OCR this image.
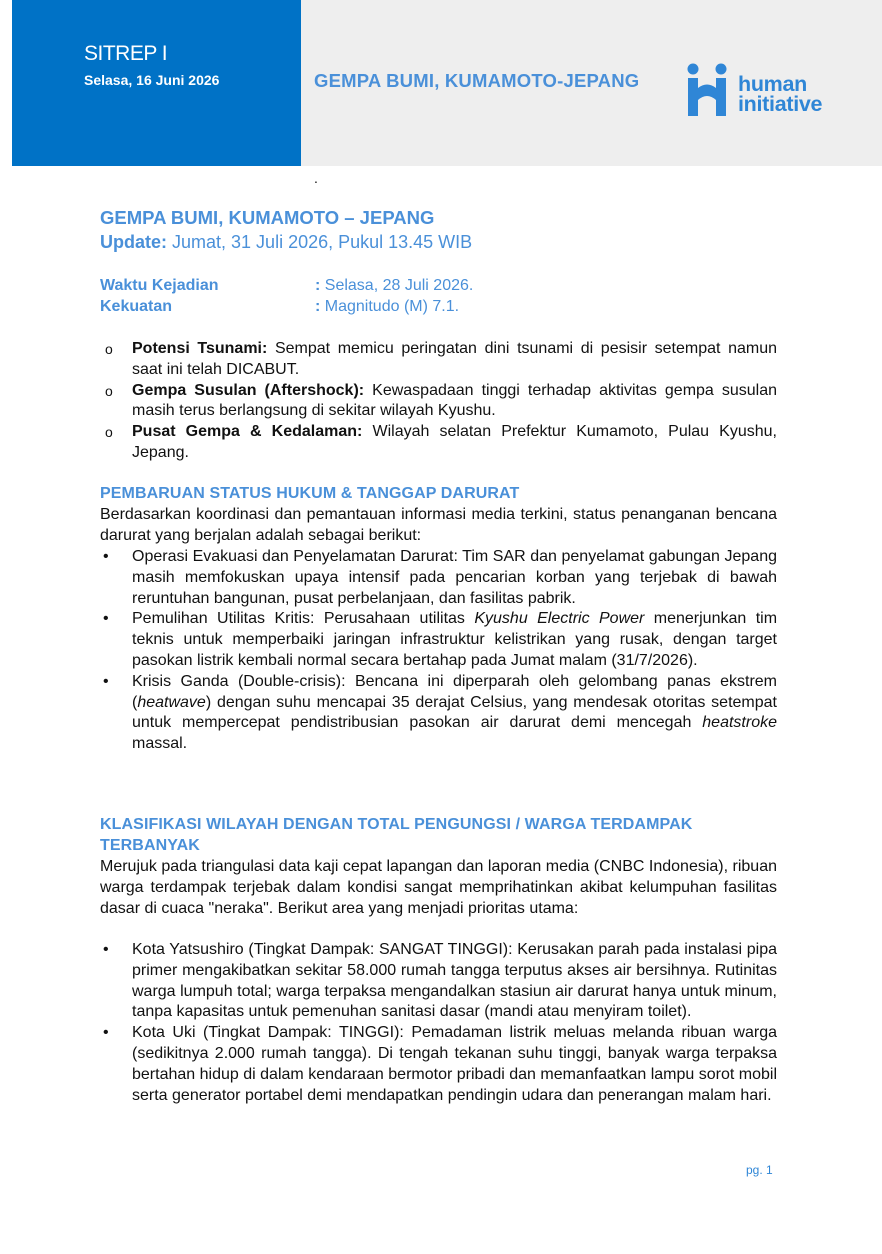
SITREP I
Selasa, 16 Juni 2026	GEMPA BUMI, KUMAMOTO-JEPANG	human
initiative
.
GEMPA BUMI, KUMAMOTO – JEPANG
Update: Jumat, 31 Juli 2026, Pukul 13.45 WIB
Waktu Kejadian	: Selasa, 28 Juli 2026.
Kekuatan	: Magnitudo (M) 7.1.
o Potensi Tsunami: Sempat memicu peringatan dini tsunami di pesisir setempat namun saat ini telah DICABUT.
o Gempa Susulan (Aftershock): Kewaspadaan tinggi terhadap aktivitas gempa susulan masih terus berlangsung di sekitar wilayah Kyushu.
o Pusat Gempa & Kedalaman: Wilayah selatan Prefektur Kumamoto, Pulau Kyushu, Jepang.
PEMBARUAN STATUS HUKUM & TANGGAP DARURAT
Berdasarkan koordinasi dan pemantauan informasi media terkini, status penanganan bencana darurat yang berjalan adalah sebagai berikut:
• Operasi Evakuasi dan Penyelamatan Darurat: Tim SAR dan penyelamat gabungan Jepang masih memfokuskan upaya intensif pada pencarian korban yang terjebak di bawah reruntuhan bangunan, pusat perbelanjaan, dan fasilitas pabrik.
• Pemulihan Utilitas Kritis: Perusahaan utilitas Kyushu Electric Power menerjunkan tim teknis untuk memperbaiki jaringan infrastruktur kelistrikan yang rusak, dengan target pasokan listrik kembali normal secara bertahap pada Jumat malam (31/7/2026).
• Krisis Ganda (Double-crisis): Bencana ini diperparah oleh gelombang panas ekstrem (heatwave) dengan suhu mencapai 35 derajat Celsius, yang mendesak otoritas setempat untuk mempercepat pendistribusian pasokan air darurat demi mencegah heatstroke massal.
KLASIFIKASI WILAYAH DENGAN TOTAL PENGUNGSI / WARGA TERDAMPAK TERBANYAK
Merujuk pada triangulasi data kaji cepat lapangan dan laporan media (CNBC Indonesia), ribuan warga terdampak terjebak dalam kondisi sangat memprihatinkan akibat kelumpuhan fasilitas dasar di cuaca "neraka". Berikut area yang menjadi prioritas utama:
• Kota Yatsushiro (Tingkat Dampak: SANGAT TINGGI): Kerusakan parah pada instalasi pipa primer mengakibatkan sekitar 58.000 rumah tangga terputus akses air bersihnya. Rutinitas warga lumpuh total; warga terpaksa mengandalkan stasiun air darurat hanya untuk minum, tanpa kapasitas untuk pemenuhan sanitasi dasar (mandi atau menyiram toilet).
• Kota Uki (Tingkat Dampak: TINGGI): Pemadaman listrik meluas melanda ribuan warga (sedikitnya 2.000 rumah tangga). Di tengah tekanan suhu tinggi, banyak warga terpaksa bertahan hidup di dalam kendaraan bermotor pribadi dan memanfaatkan lampu sorot mobil serta generator portabel demi mendapatkan pendingin udara dan penerangan malam hari.
pg. 1
